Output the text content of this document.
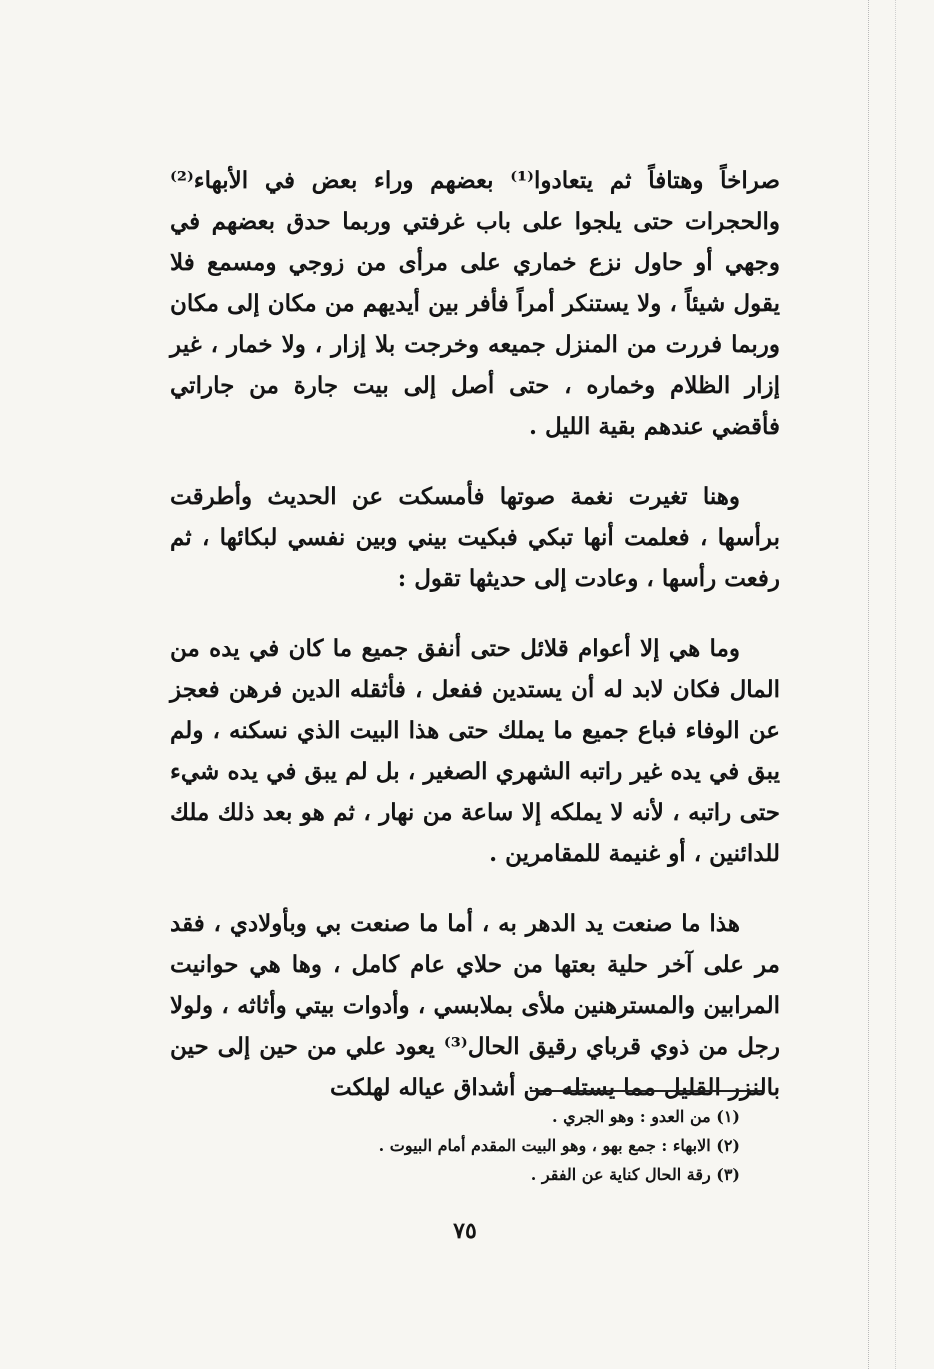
صراخاً وهتافاً ثم يتعادوا⁽¹⁾ بعضهم وراء بعض في الأبهاء⁽²⁾ والحجرات حتى يلجوا على باب غرفتي وربما حدق بعضهم في وجهي أو حاول نزع خماري على مرأى من زوجي ومسمع فلا يقول شيئاً ، ولا يستنكر أمراً فأفر بين أيديهم من مكان إلى مكان وربما فررت من المنزل جميعه وخرجت بلا إزار ، ولا خمار ، غير إزار الظلام وخماره ، حتى أصل إلى بيت جارة من جاراتي فأقضي عندهم بقية الليل .

وهنا تغيرت نغمة صوتها فأمسكت عن الحديث وأطرقت برأسها ، فعلمت أنها تبكي فبكيت بيني وبين نفسي لبكائها ، ثم رفعت رأسها ، وعادت إلى حديثها تقول :

وما هي إلا أعوام قلائل حتى أنفق جميع ما كان في يده من المال فكان لابد له أن يستدين ففعل ، فأثقله الدين فرهن فعجز عن الوفاء فباع جميع ما يملك حتى هذا البيت الذي نسكنه ، ولم يبق في يده غير راتبه الشهري الصغير ، بل لم يبق في يده شيء حتى راتبه ، لأنه لا يملكه إلا ساعة من نهار ، ثم هو بعد ذلك ملك للدائنين ، أو غنيمة للمقامرين .

هذا ما صنعت يد الدهر به ، أما ما صنعت بي وبأولادي ، فقد مر على آخر حلية بعتها من حلاي عام كامل ، وها هي حوانيت المرابين والمسترهنين ملأى بملابسي ، وأدوات بيتي وأثاثه ، ولولا رجل من ذوي قرباي رقيق الحال⁽³⁾ يعود علي من حين إلى حين بالنزر القليل مما يستله من أشداق عياله لهلكت

(١) من العدو : وهو الجري .

(٢) الابهاء : جمع بهو ، وهو البيت المقدم أمام البيوت .

(٣) رقة الحال كناية عن الفقر .

٧٥
